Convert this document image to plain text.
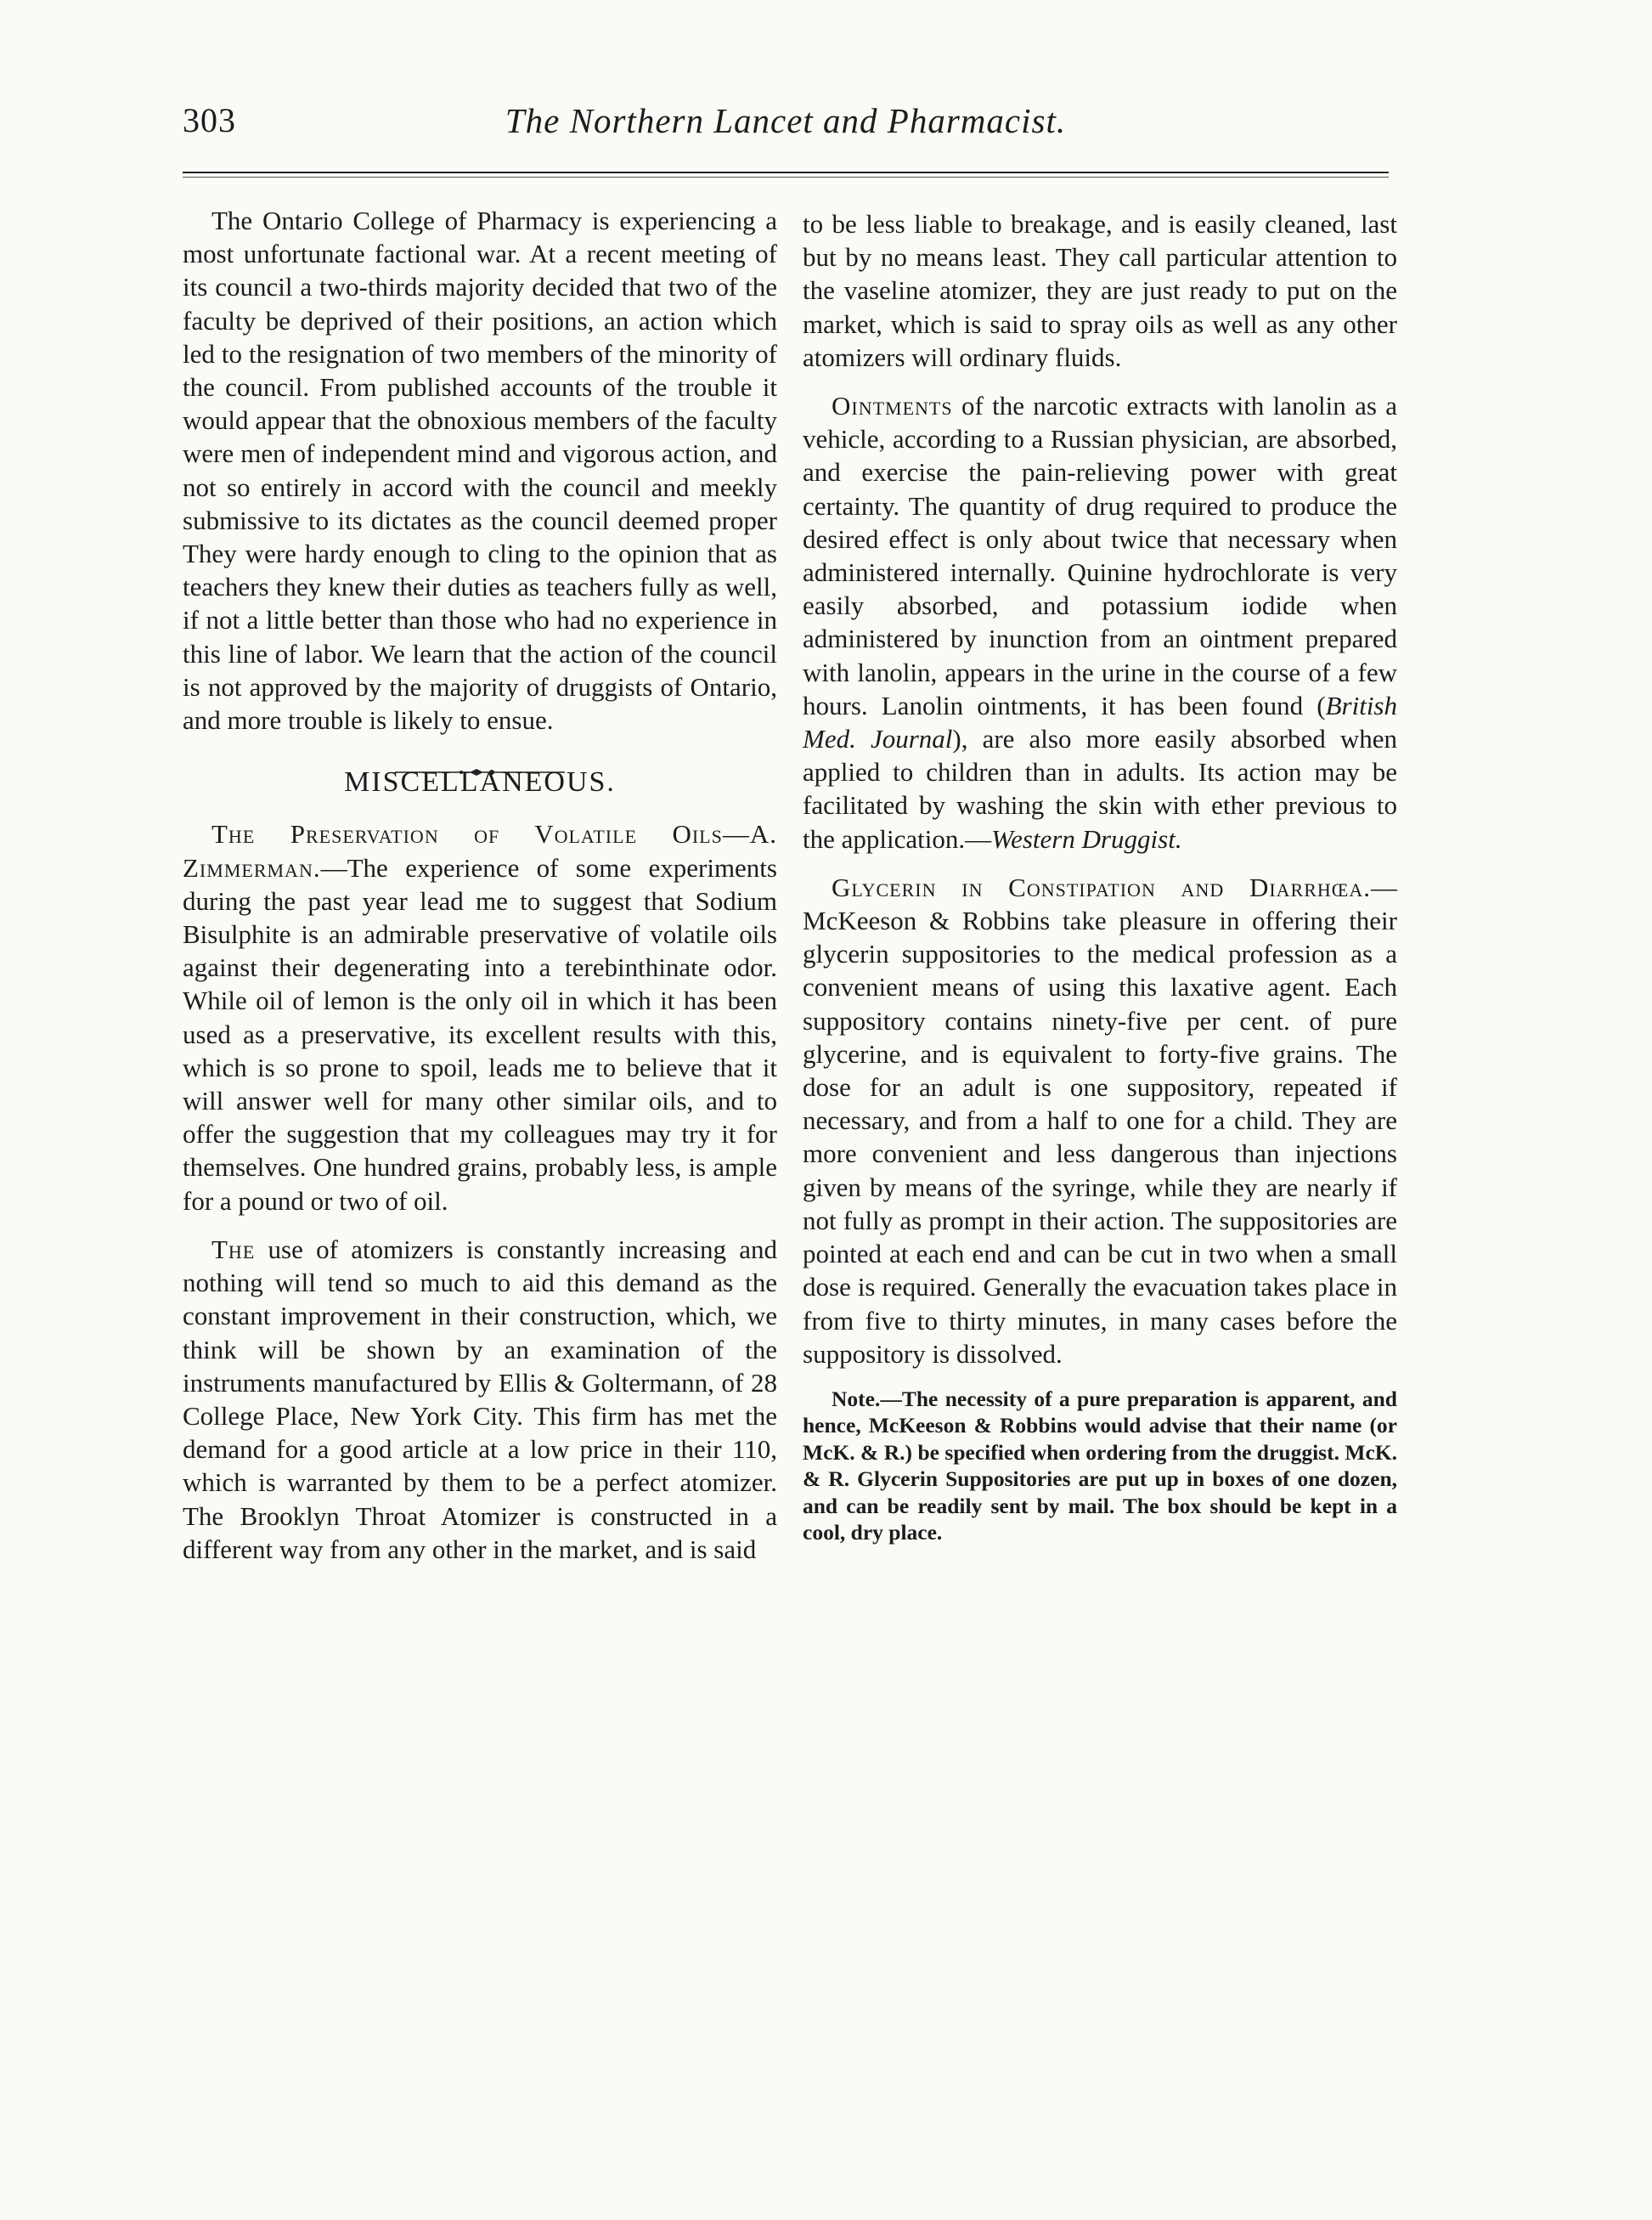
303	The Northern Lancet and Pharmacist.

The Ontario College of Pharmacy is experiencing a most unfortunate factional war. At a recent meeting of its council a two-thirds majority decided that two of the faculty be deprived of their positions, an action which led to the resignation of two members of the minority of the council. From published accounts of the trouble it would appear that the obnoxious members of the faculty were men of independent mind and vigorous action, and not so entirely in accord with the council and meekly submissive to its dictates as the council deemed proper They were hardy enough to cling to the opinion that as teachers they knew their duties as teachers fully as well, if not a little better than those who had no experience in this line of labor. We learn that the action of the council is not approved by the majority of druggists of Ontario, and more trouble is likely to ensue.

MISCELLANEOUS.

The Preservation of Volatile Oils—A. Zimmerman.—The experience of some experiments during the past year lead me to suggest that Sodium Bisulphite is an admirable preservative of volatile oils against their degenerating into a terebinthinate odor. While oil of lemon is the only oil in which it has been used as a preservative, its excellent results with this, which is so prone to spoil, leads me to believe that it will answer well for many other similar oils, and to offer the suggestion that my colleagues may try it for themselves. One hundred grains, probably less, is ample for a pound or two of oil.

The use of atomizers is constantly increasing and nothing will tend so much to aid this demand as the constant improvement in their construction, which, we think will be shown by an examination of the instruments manufactured by Ellis & Goltermann, of 28 College Place, New York City. This firm has met the demand for a good article at a low price in their 110, which is warranted by them to be a perfect atomizer. The Brooklyn Throat Atomizer is constructed in a different way from any other in the market, and is said

to be less liable to breakage, and is easily cleaned, last but by no means least. They call particular attention to the vaseline atomizer, they are just ready to put on the market, which is said to spray oils as well as any other atomizers will ordinary fluids.

Ointments of the narcotic extracts with lanolin as a vehicle, according to a Russian physician, are absorbed, and exercise the pain-relieving power with great certainty. The quantity of drug required to produce the desired effect is only about twice that necessary when administered internally. Quinine hydrochlorate is very easily absorbed, and potassium iodide when administered by inunction from an ointment prepared with lanolin, appears in the urine in the course of a few hours. Lanolin ointments, it has been found (British Med. Journal), are also more easily absorbed when applied to children than in adults. Its action may be facilitated by washing the skin with ether previous to the application.—Western Druggist.

Glycerin in Constipation and Diarrhœa.—McKeeson & Robbins take pleasure in offering their glycerin suppositories to the medical profession as a convenient means of using this laxative agent. Each suppository contains ninety-five per cent. of pure glycerine, and is equivalent to forty-five grains. The dose for an adult is one suppository, repeated if necessary, and from a half to one for a child. They are more convenient and less dangerous than injections given by means of the syringe, while they are nearly if not fully as prompt in their action. The suppositories are pointed at each end and can be cut in two when a small dose is required. Generally the evacuation takes place in from five to thirty minutes, in many cases before the suppository is dissolved.

Note.—The necessity of a pure preparation is apparent, and hence, McKeeson & Robbins would advise that their name (or McK. & R.) be specified when ordering from the druggist. McK. & R. Glycerin Suppositories are put up in boxes of one dozen, and can be readily sent by mail. The box should be kept in a cool, dry place.
